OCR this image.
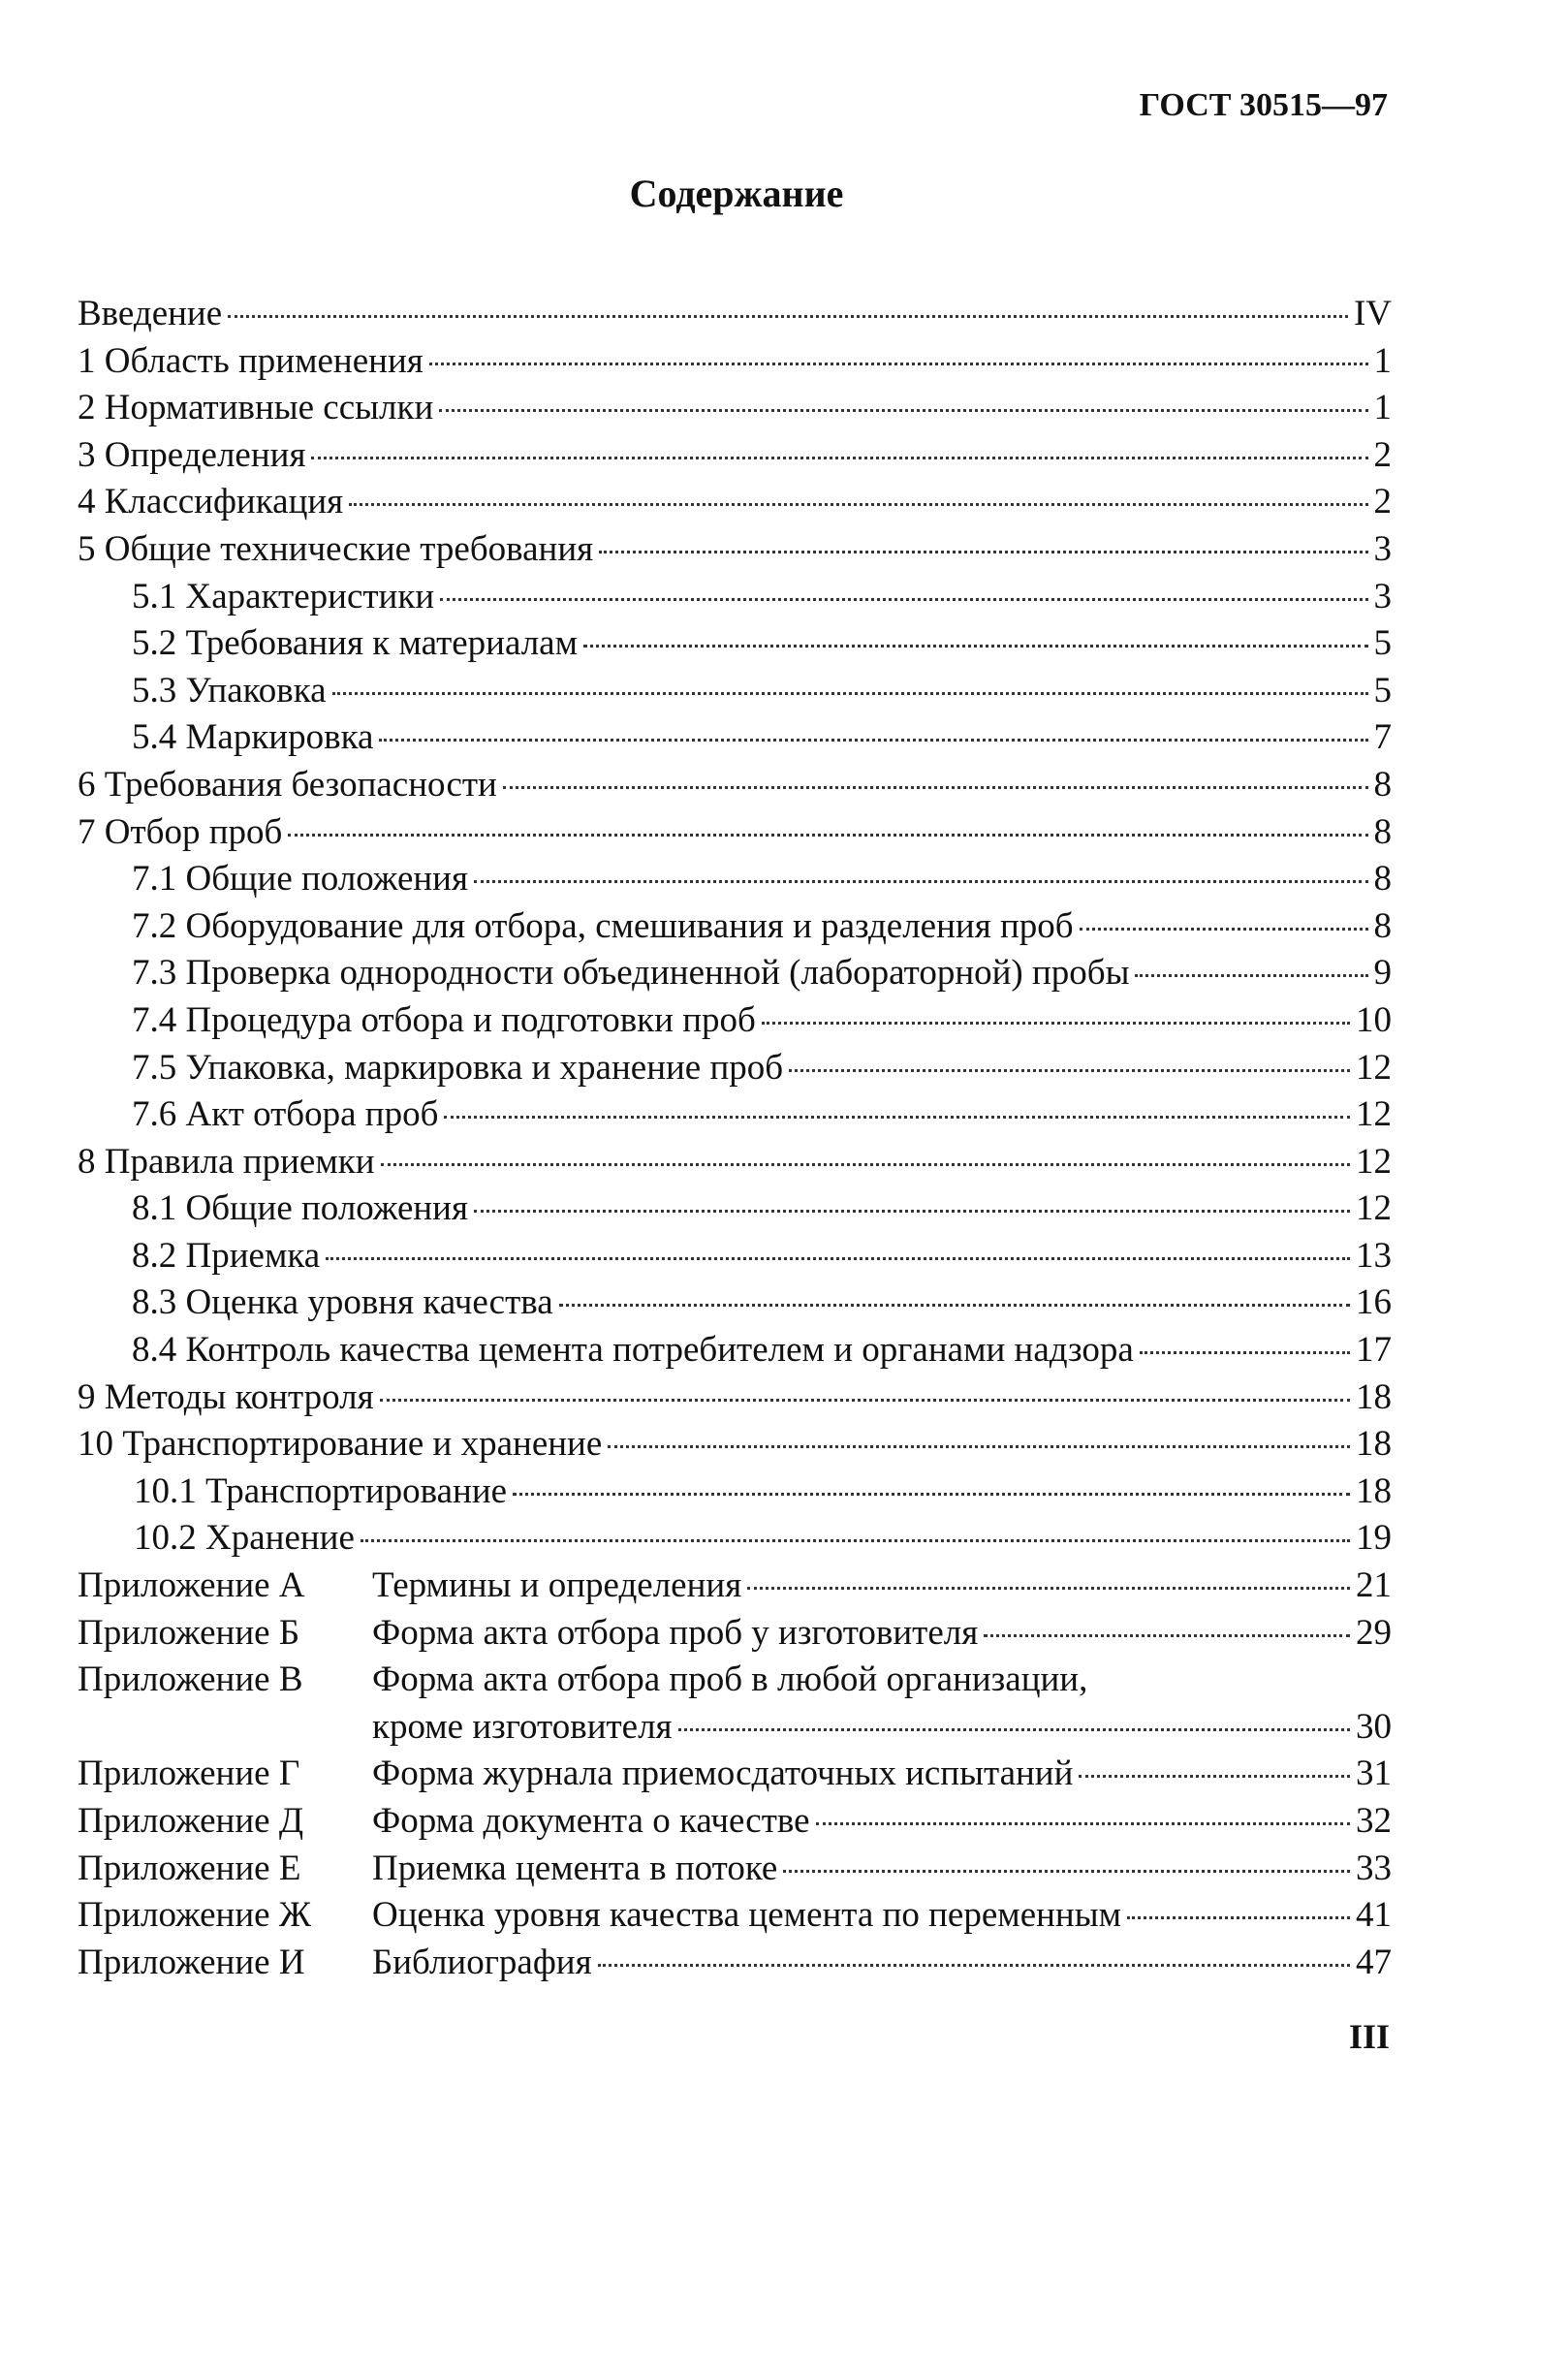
ГОСТ 30515—97
Содержание
Введение	IV
1 Область применения	1
2 Нормативные ссылки	1
3 Определения	2
4 Классификация	2
5 Общие технические требования	3
5.1 Характеристики	3
5.2 Требования к материалам	5
5.3 Упаковка	5
5.4 Маркировка	7
6 Требования безопасности	8
7 Отбор проб	8
7.1 Общие положения	8
7.2 Оборудование для отбора, смешивания и разделения проб	8
7.3 Проверка однородности объединенной (лабораторной) пробы	9
7.4 Процедура отбора и подготовки проб	10
7.5 Упаковка, маркировка и хранение проб	12
7.6 Акт отбора проб	12
8 Правила приемки	12
8.1 Общие положения	12
8.2 Приемка	13
8.3 Оценка уровня качества	16
8.4 Контроль качества цемента потребителем и органами надзора	17
9 Методы контроля	18
10 Транспортирование и хранение	18
10.1 Транспортирование	18
10.2 Хранение	19
Приложение А	Термины и определения	21
Приложение Б	Форма акта отбора проб у изготовителя	29
Приложение В	Форма акта отбора проб в любой организации,
кроме изготовителя	30
Приложение Г	Форма журнала приемосдаточных испытаний	31
Приложение Д	Форма документа о качестве	32
Приложение Е	Приемка цемента в потоке	33
Приложение Ж	Оценка уровня качества цемента по переменным	41
Приложение И	Библиография	47
III
